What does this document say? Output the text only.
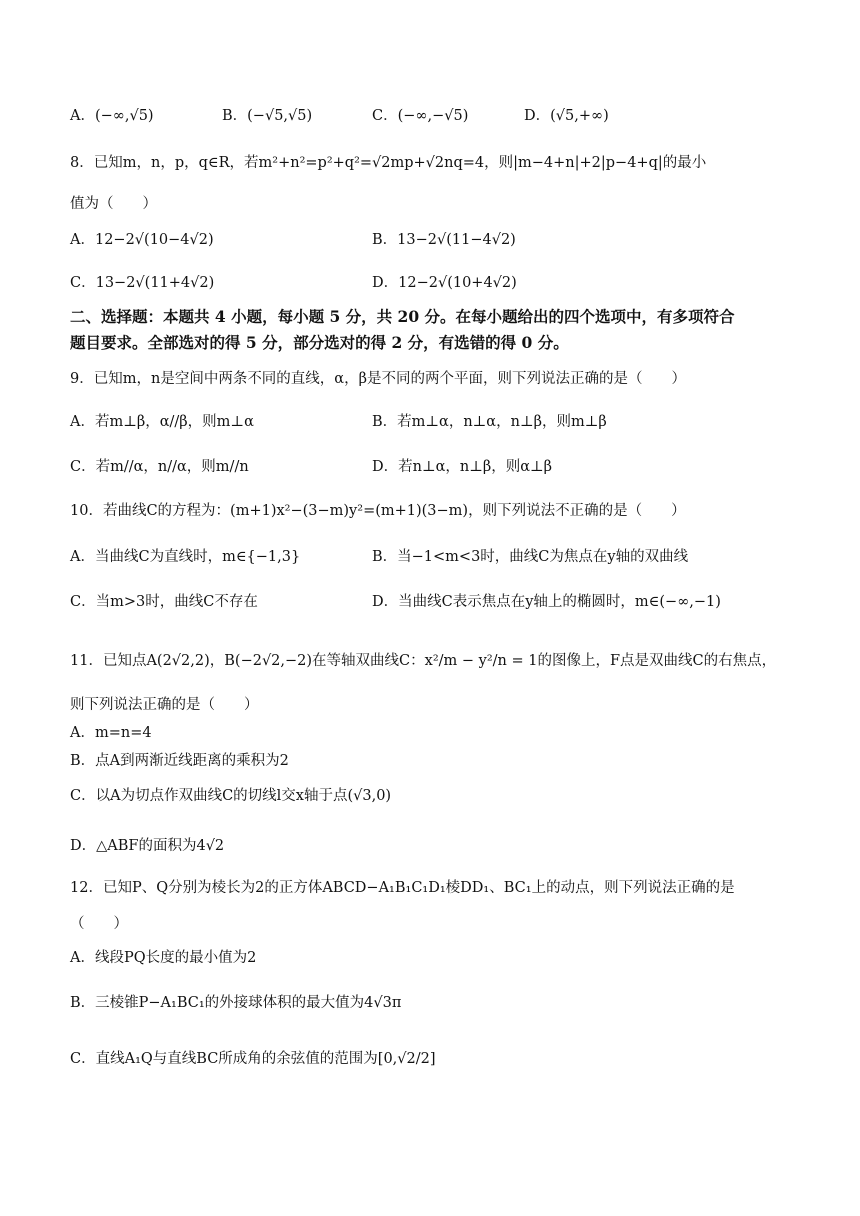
A．(−∞,√5)	B．(−√5,√5)	C．(−∞,−√5)	D．(√5,+∞)
8．已知m，n，p，q∈R，若m²+n²=p²+q²=√2mp+√2nq=4，则|m−4+n|+2|p−4+q|的最小
值为（　　）
A．12−2√(10−4√2)	B．13−2√(11−4√2)
C．13−2√(11+4√2)	D．12−2√(10+4√2)
二、选择题：本题共 4 小题，每小题 5 分，共 20 分。在每小题给出的四个选项中，有多项符合
题目要求。全部选对的得 5 分，部分选对的得 2 分，有选错的得 0 分。
9．已知m，n是空间中两条不同的直线，α，β是不同的两个平面，则下列说法正确的是（　　）
A．若m⊥β，α//β，则m⊥α	B．若m⊥α，n⊥α，n⊥β，则m⊥β
C．若m//α，n//α，则m//n	D．若n⊥α，n⊥β，则α⊥β
10．若曲线C的方程为：(m+1)x²−(3−m)y²=(m+1)(3−m)，则下列说法不正确的是（　　）
A．当曲线C为直线时，m∈{−1,3}	B．当−1<m<3时，曲线C为焦点在y轴的双曲线
C．当m>3时，曲线C不存在	D．当曲线C表示焦点在y轴上的椭圆时，m∈(−∞,−1)
11．已知点A(2√2,2)，B(−2√2,−2)在等轴双曲线C：x²/m − y²/n = 1的图像上，F点是双曲线C的右焦点，
则下列说法正确的是（　　）
A．m=n=4
B．点A到两渐近线距离的乘积为2
C．以A为切点作双曲线C的切线l交x轴于点(√3,0)
D．△ABF的面积为4√2
12．已知P、Q分别为棱长为2的正方体ABCD−A₁B₁C₁D₁棱DD₁、BC₁上的动点，则下列说法正确的是
（　　）
A．线段PQ长度的最小值为2
B．三棱锥P−A₁BC₁的外接球体积的最大值为4√3π
C．直线A₁Q与直线BC所成角的余弦值的范围为[0,√2/2]
